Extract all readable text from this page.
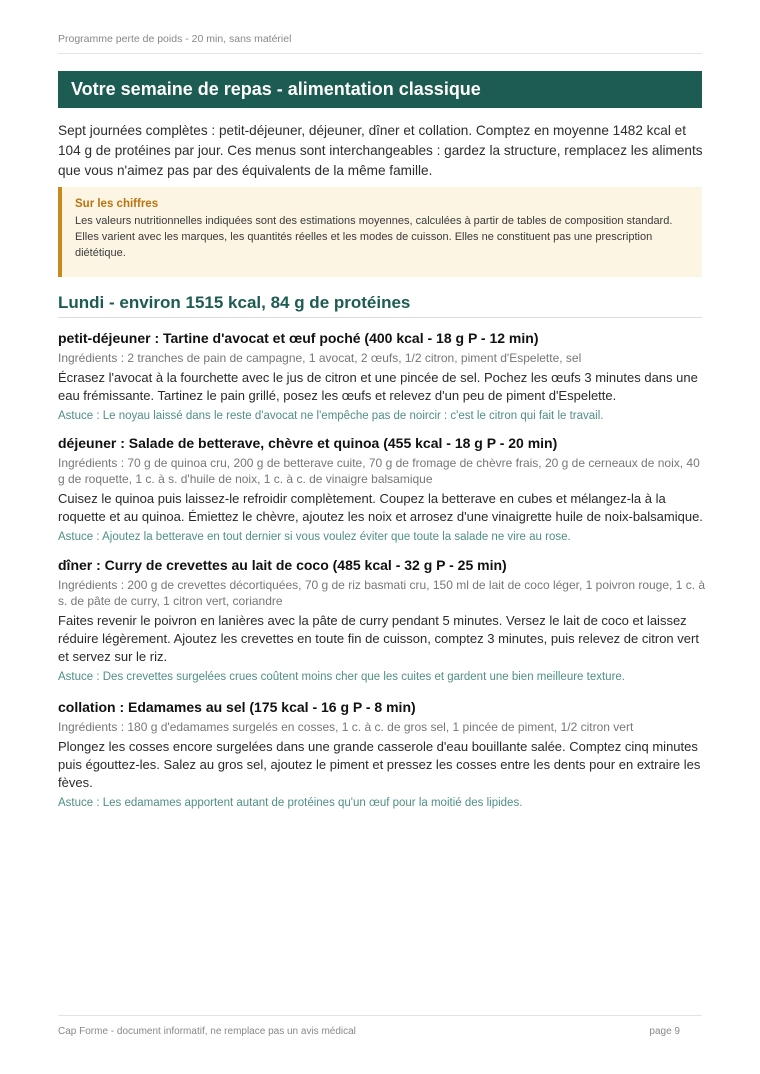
Programme perte de poids - 20 min, sans matériel
Votre semaine de repas - alimentation classique

Sept journées complètes : petit-déjeuner, déjeuner, dîner et collation. Comptez en moyenne 1482 kcal et 104 g de protéines par jour. Ces menus sont interchangeables : gardez la structure, remplacez les aliments que vous n'aimez pas par des équivalents de la même famille.

Sur les chiffres

Les valeurs nutritionnelles indiquées sont des estimations moyennes, calculées à partir de tables de composition standard. Elles varient avec les marques, les quantités réelles et les modes de cuisson. Elles ne constituent pas une prescription diététique.

Lundi - environ 1515 kcal, 84 g de protéines
petit-déjeuner : Tartine d'avocat et œuf poché (400 kcal - 18 g P - 12 min)

Ingrédients : 2 tranches de pain de campagne, 1 avocat, 2 œufs, 1/2 citron, piment d'Espelette, sel

Écrasez l'avocat à la fourchette avec le jus de citron et une pincée de sel. Pochez les œufs 3 minutes dans une eau frémissante. Tartinez le pain grillé, posez les œufs et relevez d'un peu de piment d'Espelette.

Astuce : Le noyau laissé dans le reste d'avocat ne l'empêche pas de noircir : c'est le citron qui fait le travail.

déjeuner : Salade de betterave, chèvre et quinoa (455 kcal - 18 g P - 20 min)

Ingrédients : 70 g de quinoa cru, 200 g de betterave cuite, 70 g de fromage de chèvre frais, 20 g de cerneaux de noix, 40 g de roquette, 1 c. à s. d'huile de noix, 1 c. à c. de vinaigre balsamique

Cuisez le quinoa puis laissez-le refroidir complètement. Coupez la betterave en cubes et mélangez-la à la roquette et au quinoa. Émiettez le chèvre, ajoutez les noix et arrosez d'une vinaigrette huile de noix-balsamique.

Astuce : Ajoutez la betterave en tout dernier si vous voulez éviter que toute la salade ne vire au rose.

dîner : Curry de crevettes au lait de coco (485 kcal - 32 g P - 25 min)

Ingrédients : 200 g de crevettes décortiquées, 70 g de riz basmati cru, 150 ml de lait de coco léger, 1 poivron rouge, 1 c. à s. de pâte de curry, 1 citron vert, coriandre

Faites revenir le poivron en lanières avec la pâte de curry pendant 5 minutes. Versez le lait de coco et laissez réduire légèrement. Ajoutez les crevettes en toute fin de cuisson, comptez 3 minutes, puis relevez de citron vert et servez sur le riz.

Astuce : Des crevettes surgelées crues coûtent moins cher que les cuites et gardent une bien meilleure texture.

collation : Edamames au sel (175 kcal - 16 g P - 8 min)

Ingrédients : 180 g d'edamames surgelés en cosses, 1 c. à c. de gros sel, 1 pincée de piment, 1/2 citron vert

Plongez les cosses encore surgelées dans une grande casserole d'eau bouillante salée. Comptez cinq minutes puis égouttez-les. Salez au gros sel, ajoutez le piment et pressez les cosses entre les dents pour en extraire les fèves.

Astuce : Les edamames apportent autant de protéines qu'un œuf pour la moitié des lipides.

Cap Forme - document informatif, ne remplace pas un avis médical	page 9
